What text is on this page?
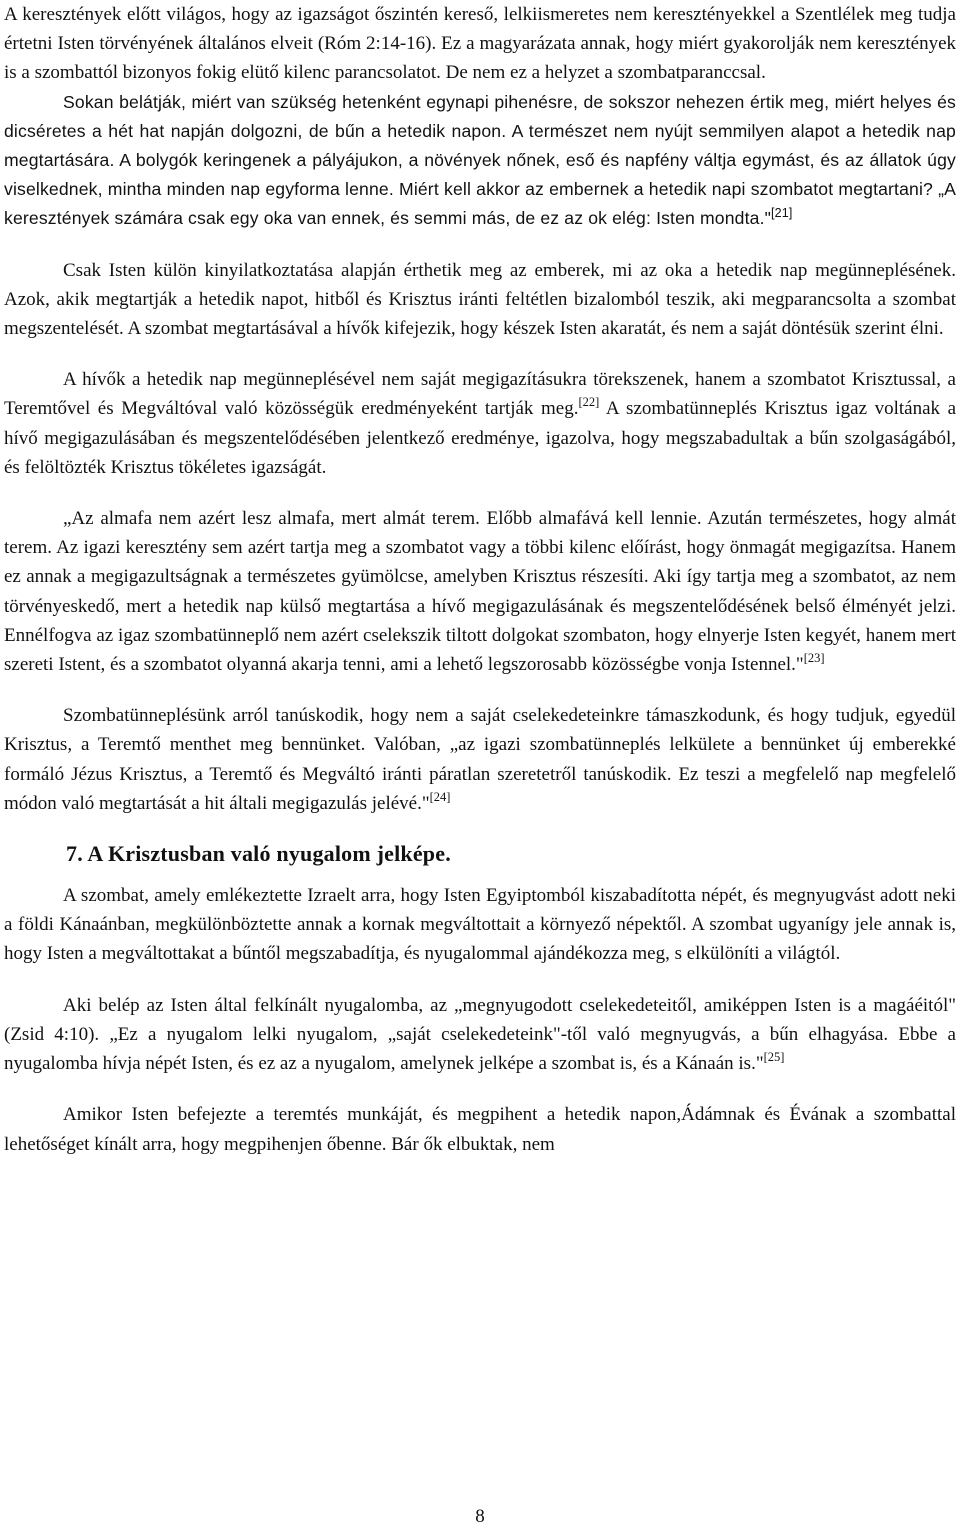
A keresztények előtt világos, hogy az igazságot őszintén kereső, lelkiismeretes nem keresztényekkel a Szentlélek meg tudja értetni Isten törvényének általános elveit (Róm 2:14-16). Ez a magyarázata annak, hogy miért gyakorolják nem keresztények is a szombattól bizonyos fokig elütő kilenc parancsolatot. De nem ez a helyzet a szombatparanccsal.

Sokan belátják, miért van szükség hetenként egynapi pihenésre, de sokszor nehezen értik meg, miért helyes és dicséretes a hét hat napján dolgozni, de bűn a hetedik napon. A természet nem nyújt semmilyen alapot a hetedik nap megtartására. A bolygók keringenek a pályájukon, a növények nőnek, eső és napfény váltja egymást, és az állatok úgy viselkednek, mintha minden nap egyforma lenne. Miért kell akkor az embernek a hetedik napi szombatot megtartani? „A keresztények számára csak egy oka van ennek, és semmi más, de ez az ok elég: Isten mondta."[21]

Csak Isten külön kinyilatkoztatása alapján érthetik meg az emberek, mi az oka a hetedik nap megünneplésének. Azok, akik megtartják a hetedik napot, hitből és Krisztus iránti feltétlen bizalomból teszik, aki megparancsolta a szombat megszentelését. A szombat megtartásával a hívők kifejezik, hogy készek Isten akaratát, és nem a saját döntésük szerint élni.

A hívők a hetedik nap megünneplésével nem saját megigazításukra törekszenek, hanem a szombatot Krisztussal, a Teremtővel és Megváltóval való közösségük eredményeként tartják meg.[22] A szombatünneplés Krisztus igaz voltának a hívő megigazulásában és megszentelődésében jelentkező eredménye, igazolva, hogy megszabadultak a bűn szolgaságából, és felöltözték Krisztus tökéletes igazságát.

„Az almafa nem azért lesz almafa, mert almát terem. Előbb almafává kell lennie. Azután természetes, hogy almát terem. Az igazi keresztény sem azért tartja meg a szombatot vagy a többi kilenc előírást, hogy önmagát megigazítsa. Hanem ez annak a megigazultságnak a természetes gyümölcse, amelyben Krisztus részesíti. Aki így tartja meg a szombatot, az nem törvényeskedő, mert a hetedik nap külső megtartása a hívő megigazulásának és megszentelődésének belső élményét jelzi. Ennélfogva az igaz szombatünneplő nem azért cselekszik tiltott dolgokat szombaton, hogy elnyerje Isten kegyét, hanem mert szereti Istent, és a szombatot olyanná akarja tenni, ami a lehető legszorosabb közösségbe vonja Istennel."[23]

Szombatünneplésünk arról tanúskodik, hogy nem a saját cselekedeteinkre támaszkodunk, és hogy tudjuk, egyedül Krisztus, a Teremtő menthet meg bennünket. Valóban, „az igazi szombatünneplés lelkülete a bennünket új emberekké formáló Jézus Krisztus, a Teremtő és Megváltó iránti páratlan szeretetről tanúskodik. Ez teszi a megfelelő nap megfelelő módon való megtartását a hit általi megigazulás jelévé."[24]

7. A Krisztusban való nyugalom jelképe.

A szombat, amely emlékeztette Izraelt arra, hogy Isten Egyiptomból kiszabadította népét, és megnyugvást adott neki a földi Kánaánban, megkülönböztette annak a kornak megváltottait a környező népektől. A szombat ugyanígy jele annak is, hogy Isten a megváltottakat a bűntől megszabadítja, és nyugalommal ajándékozza meg, s elkülöníti a világtól.

Aki belép az Isten által felkínált nyugalomba, az „megnyugodott cselekedeteitől, amiképpen Isten is a magáéitól" (Zsid 4:10). „Ez a nyugalom lelki nyugalom, „saját cselekedeteink"-től való megnyugvás, a bűn elhagyása. Ebbe a nyugalomba hívja népét Isten, és ez az a nyugalom, amelynek jelképe a szombat is, és a Kánaán is."[25]

Amikor Isten befejezte a teremtés munkáját, és megpihent a hetedik napon,Ádámnak és Évának a szombattal lehetőséget kínált arra, hogy megpihenjen őbenne. Bár ők elbuktak, nem

8
